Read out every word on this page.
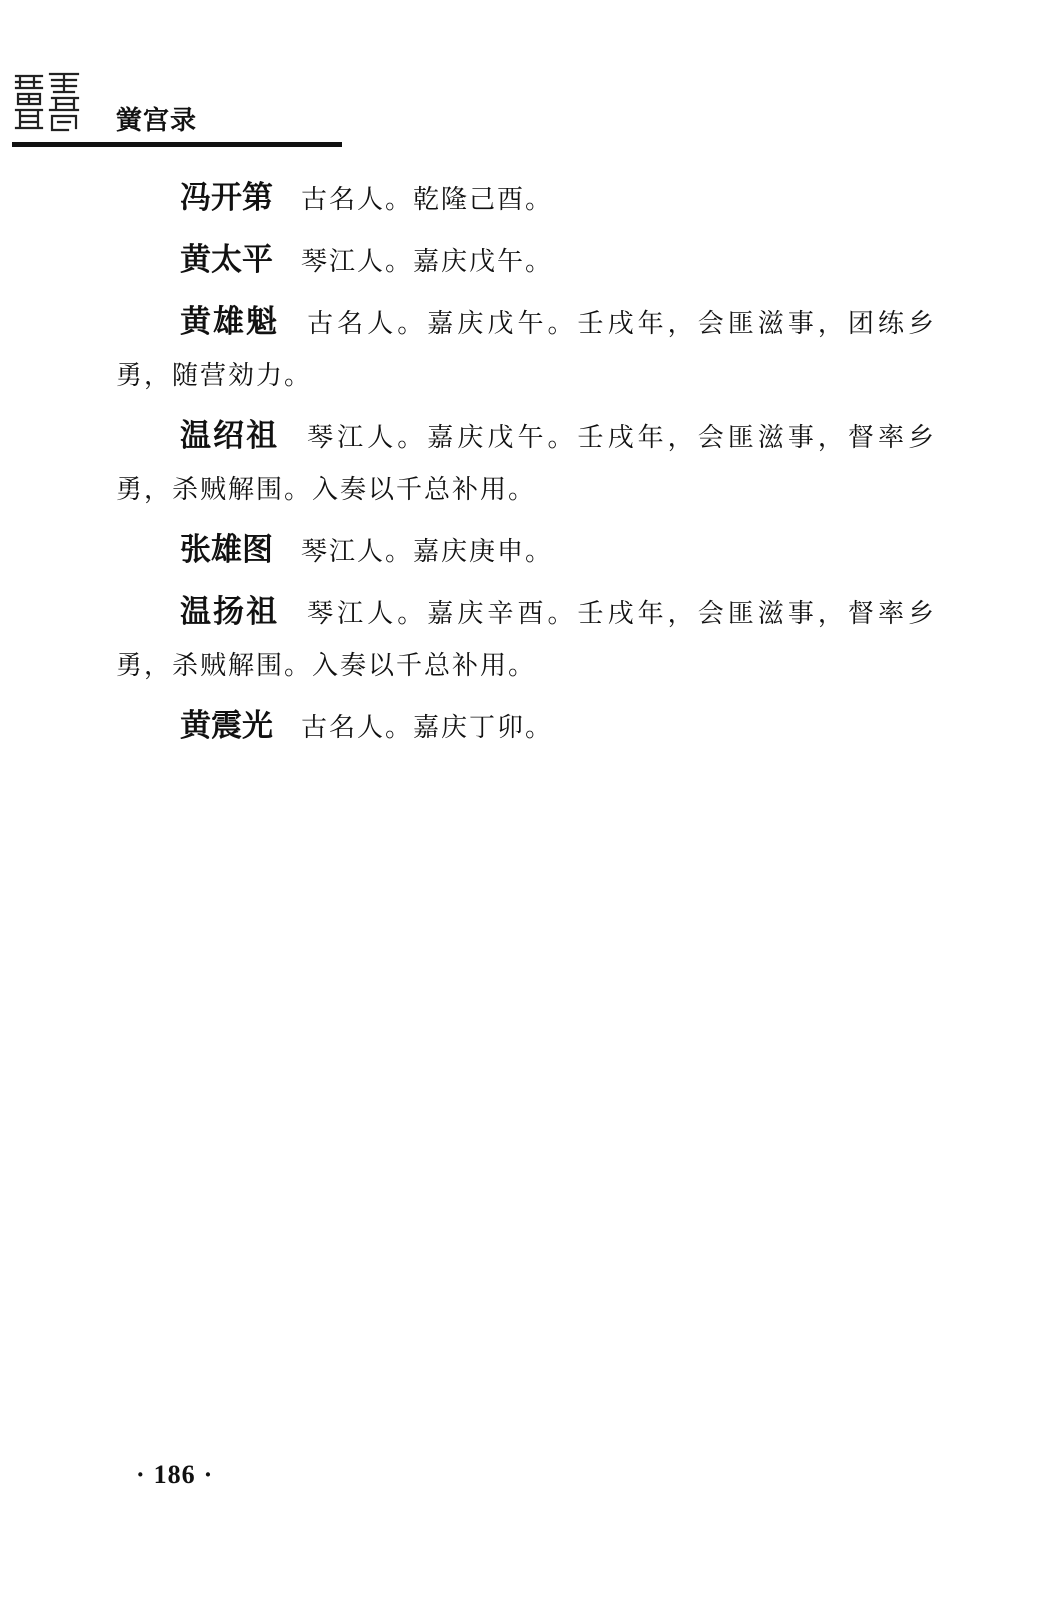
黉宫录

冯开第 古名人。乾隆己酉。

黄太平 琴江人。嘉庆戊午。

黄雄魁 古名人。嘉庆戊午。壬戌年，会匪滋事，团练乡勇，随营効力。

温绍祖 琴江人。嘉庆戊午。壬戌年，会匪滋事，督率乡勇，杀贼解围。入奏以千总补用。

张雄图 琴江人。嘉庆庚申。

温扬祖 琴江人。嘉庆辛酉。壬戌年，会匪滋事，督率乡勇，杀贼解围。入奏以千总补用。

黄震光 古名人。嘉庆丁卯。

· 186 ·
